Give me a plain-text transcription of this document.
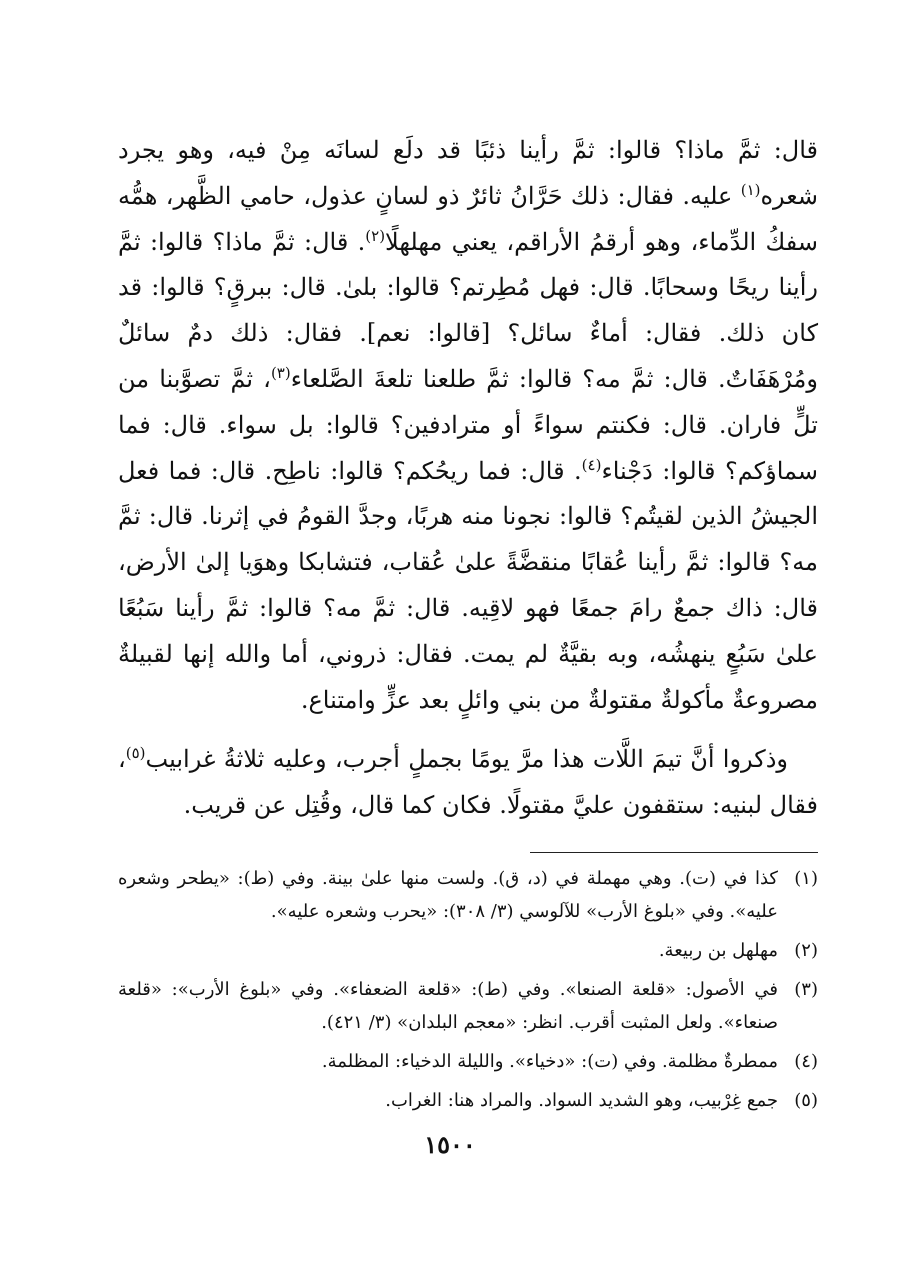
قال: ثمَّ ماذا؟ قالوا: ثمَّ رأينا ذئبًا قد دلَع لسانَه مِنْ فيه، وهو يجرد شعره$^{(١)}$ عليه. فقال: ذلك حَرَّانُ ثائرٌ ذو لسانٍ عذول، حامي الظَّهر، همُّه سفكُ الدِّماء، وهو أرقمُ الأراقم، يعني مهلهلًا$^{(٢)}$. قال: ثمَّ ماذا؟ قالوا: ثمَّ رأينا ريحًا وسحابًا. قال: فهل مُطِرتم؟ قالوا: بلىٰ. قال: ببرقٍ؟ قالوا: قد كان ذلك. فقال: أماءٌ سائل؟ [قالوا: نعم]. فقال: ذلك دمٌ سائلٌ ومُرْهَفَاتٌ. قال: ثمَّ مه؟ قالوا: ثمَّ طلعنا تلعةَ الصَّلعاء$^{(٣)}$، ثمَّ تصوَّبنا من تلٍّ فاران. قال: فكنتم سواءً أو مترادفين؟ قالوا: بل سواء. قال: فما سماؤكم؟ قالوا: دَجْناء$^{(٤)}$. قال: فما ريحُكم؟ قالوا: ناطِح. قال: فما فعل الجيشُ الذين لقيتُم؟ قالوا: نجونا منه هربًا، وجدَّ القومُ في إثرنا. قال: ثمَّ مه؟ قالوا: ثمَّ رأينا عُقابًا منقضَّةً علىٰ عُقاب، فتشابكا وهوَيا إلىٰ الأرض، قال: ذاك جمعٌ رامَ جمعًا فهو لاقِيه. قال: ثمَّ مه؟ قالوا: ثمَّ رأينا سَبُعًا علىٰ سَبُعٍ ينهشُه، وبه بقيَّةٌ لم يمت. فقال: ذروني، أما والله إنها لقبيلةٌ مصروعةٌ مأكولةٌ مقتولةٌ من بني وائلٍ بعد عزٍّ وامتناع.

وذكروا أنَّ تيمَ اللَّات هذا مرَّ يومًا بجملٍ أجرب، وعليه ثلاثةُ غرابيب$^{(٥)}$، فقال لبنيه: ستقفون عليَّ مقتولًا. فكان كما قال، وقُتِل عن قريب.

(١)
كذا في (ت). وهي مهملة في (د، ق). ولست منها علىٰ بينة. وفي (ط): «يطحر وشعره عليه». وفي «بلوغ الأرب» للآلوسي (٣/ ٣٠٨): «يحرب وشعره عليه».
(٢)
مهلهل بن ربيعة.
(٣)
في الأصول: «قلعة الصنعا». وفي (ط): «قلعة الضعفاء». وفي «بلوغ الأرب»: «قلعة صنعاء». ولعل المثبت أقرب. انظر: «معجم البلدان» (٣/ ٤٢١).
(٤)
ممطرةٌ مظلمة. وفي (ت): «دخياء». والليلة الدخياء: المظلمة.
(٥)
جمع غِرْبيب، وهو الشديد السواد. والمراد هنا: الغراب.
١٥٠٠
